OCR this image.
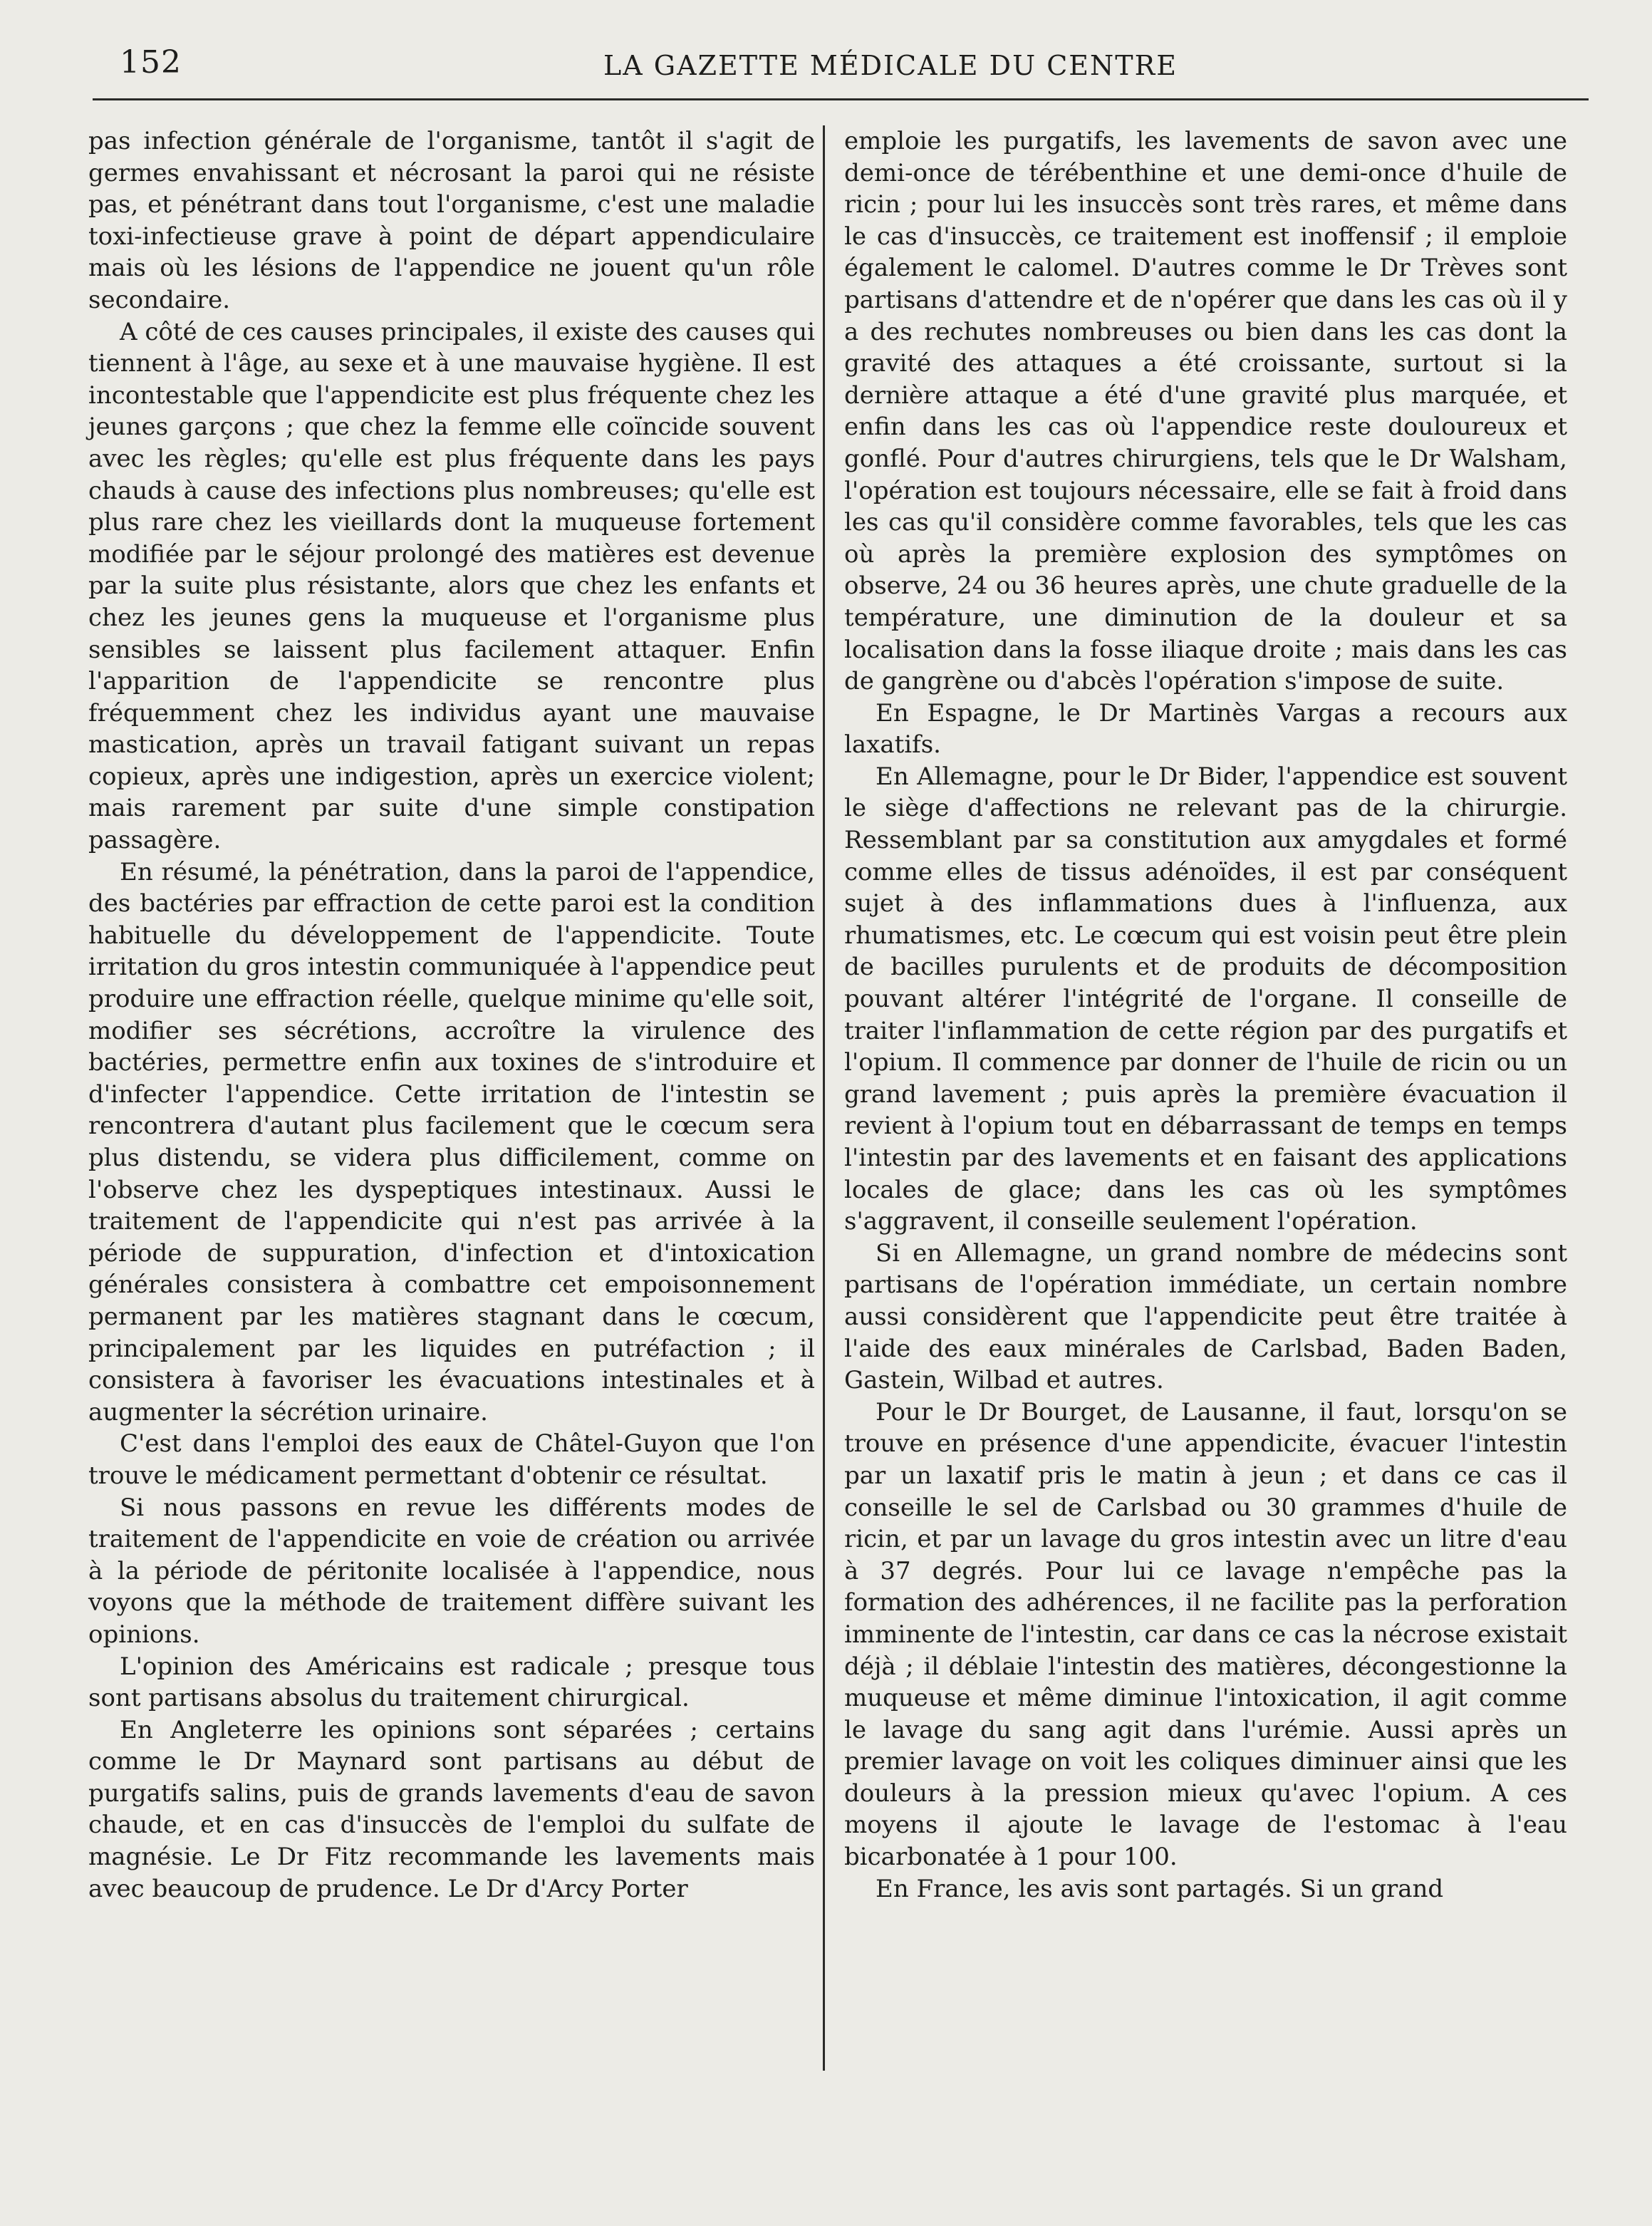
152	LA GAZETTE MÉDICALE DU CENTRE

pas infection générale de l'organisme, tantôt il s'agit de germes envahissant et nécrosant la paroi qui ne résiste pas, et pénétrant dans tout l'organisme, c'est une maladie toxi-infectieuse grave à point de départ appendiculaire mais où les lésions de l'appendice ne jouent qu'un rôle secondaire.

A côté de ces causes principales, il existe des causes qui tiennent à l'âge, au sexe et à une mauvaise hygiène. Il est incontestable que l'appendicite est plus fréquente chez les jeunes garçons ; que chez la femme elle coïncide souvent avec les règles; qu'elle est plus fréquente dans les pays chauds à cause des infections plus nombreuses; qu'elle est plus rare chez les vieillards dont la muqueuse fortement modifiée par le séjour prolongé des matières est devenue par la suite plus résistante, alors que chez les enfants et chez les jeunes gens la muqueuse et l'organisme plus sensibles se laissent plus facilement attaquer. Enfin l'apparition de l'appendicite se rencontre plus fréquemment chez les individus ayant une mauvaise mastication, après un travail fatigant suivant un repas copieux, après une indigestion, après un exercice violent; mais rarement par suite d'une simple constipation passagère.

En résumé, la pénétration, dans la paroi de l'appendice, des bactéries par effraction de cette paroi est la condition habituelle du développement de l'appendicite. Toute irritation du gros intestin communiquée à l'appendice peut produire une effraction réelle, quelque minime qu'elle soit, modifier ses sécrétions, accroître la virulence des bactéries, permettre enfin aux toxines de s'introduire et d'infecter l'appendice. Cette irritation de l'intestin se rencontrera d'autant plus facilement que le cœcum sera plus distendu, se videra plus difficilement, comme on l'observe chez les dyspeptiques intestinaux. Aussi le traitement de l'appendicite qui n'est pas arrivée à la période de suppuration, d'infection et d'intoxication générales consistera à combattre cet empoisonnement permanent par les matières stagnant dans le cœcum, principalement par les liquides en putréfaction ; il consistera à favoriser les évacuations intestinales et à augmenter la sécrétion urinaire.

C'est dans l'emploi des eaux de Châtel-Guyon que l'on trouve le médicament permettant d'obtenir ce résultat.

Si nous passons en revue les différents modes de traitement de l'appendicite en voie de création ou arrivée à la période de péritonite localisée à l'appendice, nous voyons que la méthode de traitement diffère suivant les opinions.

L'opinion des Américains est radicale ; presque tous sont partisans absolus du traitement chirurgical.

En Angleterre les opinions sont séparées ; certains comme le Dr Maynard sont partisans au début de purgatifs salins, puis de grands lavements d'eau de savon chaude, et en cas d'insuccès de l'emploi du sulfate de magnésie. Le Dr Fitz recommande les lavements mais avec beaucoup de prudence. Le Dr d'Arcy Porter

emploie les purgatifs, les lavements de savon avec une demi-once de térébenthine et une demi-once d'huile de ricin ; pour lui les insuccès sont très rares, et même dans le cas d'insuccès, ce traitement est inoffensif ; il emploie également le calomel. D'autres comme le Dr Trèves sont partisans d'attendre et de n'opérer que dans les cas où il y a des rechutes nombreuses ou bien dans les cas dont la gravité des attaques a été croissante, surtout si la dernière attaque a été d'une gravité plus marquée, et enfin dans les cas où l'appendice reste douloureux et gonflé. Pour d'autres chirurgiens, tels que le Dr Walsham, l'opération est toujours nécessaire, elle se fait à froid dans les cas qu'il considère comme favorables, tels que les cas où après la première explosion des symptômes on observe, 24 ou 36 heures après, une chute graduelle de la température, une diminution de la douleur et sa localisation dans la fosse iliaque droite ; mais dans les cas de gangrène ou d'abcès l'opération s'impose de suite.

En Espagne, le Dr Martinès Vargas a recours aux laxatifs.

En Allemagne, pour le Dr Bider, l'appendice est souvent le siège d'affections ne relevant pas de la chirurgie. Ressemblant par sa constitution aux amygdales et formé comme elles de tissus adénoïdes, il est par conséquent sujet à des inflammations dues à l'influenza, aux rhumatismes, etc. Le cœcum qui est voisin peut être plein de bacilles purulents et de produits de décomposition pouvant altérer l'intégrité de l'organe. Il conseille de traiter l'inflammation de cette région par des purgatifs et l'opium. Il commence par donner de l'huile de ricin ou un grand lavement ; puis après la première évacuation il revient à l'opium tout en débarrassant de temps en temps l'intestin par des lavements et en faisant des applications locales de glace; dans les cas où les symptômes s'aggravent, il conseille seulement l'opération.

Si en Allemagne, un grand nombre de médecins sont partisans de l'opération immédiate, un certain nombre aussi considèrent que l'appendicite peut être traitée à l'aide des eaux minérales de Carlsbad, Baden Baden, Gastein, Wilbad et autres.

Pour le Dr Bourget, de Lausanne, il faut, lorsqu'on se trouve en présence d'une appendicite, évacuer l'intestin par un laxatif pris le matin à jeun ; et dans ce cas il conseille le sel de Carlsbad ou 30 grammes d'huile de ricin, et par un lavage du gros intestin avec un litre d'eau à 37 degrés. Pour lui ce lavage n'empêche pas la formation des adhérences, il ne facilite pas la perforation imminente de l'intestin, car dans ce cas la nécrose existait déjà ; il déblaie l'intestin des matières, décongestionne la muqueuse et même diminue l'intoxication, il agit comme le lavage du sang agit dans l'urémie. Aussi après un premier lavage on voit les coliques diminuer ainsi que les douleurs à la pression mieux qu'avec l'opium. A ces moyens il ajoute le lavage de l'estomac à l'eau bicarbonatée à 1 pour 100.

En France, les avis sont partagés. Si un grand
